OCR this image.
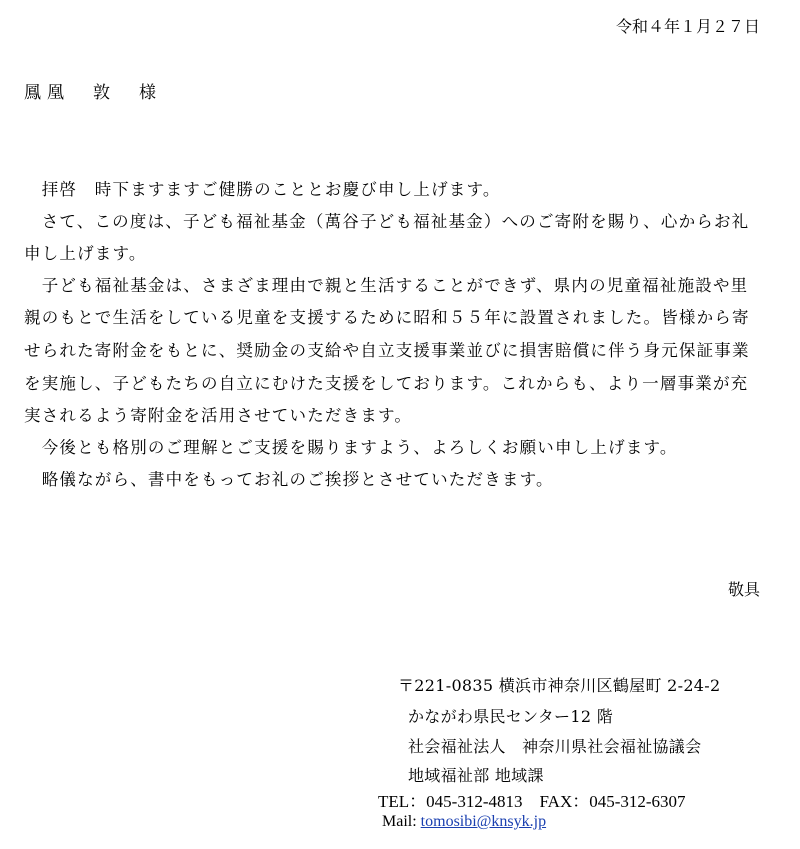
令和４年１月２７日

鳳凰　敦　様

　拝啓　時下ますますご健勝のこととお慶び申し上げます。

　さて、この度は、子ども福祉基金（萬谷子ども福祉基金）へのご寄附を賜り、心からお礼

申し上げます。

　子ども福祉基金は、さまざま理由で親と生活することができず、県内の児童福祉施設や里

親のもとで生活をしている児童を支援するために昭和５５年に設置されました。皆様から寄

せられた寄附金をもとに、奨励金の支給や自立支援事業並びに損害賠償に伴う身元保証事業

を実施し、子どもたちの自立にむけた支援をしております。これからも、より一層事業が充

実されるよう寄附金を活用させていただきます。

　今後とも格別のご理解とご支援を賜りますよう、よろしくお願い申し上げます。

　略儀ながら、書中をもってお礼のご挨拶とさせていただきます。

敬具

〒221-0835 横浜市神奈川区鶴屋町 2-24-2

かながわ県民センター12 階

社会福祉法人　神奈川県社会福祉協議会

地域福祉部 地域課

TEL：045-312-4813　FAX：045-312-6307

Mail: tomosibi@knsyk.jp
